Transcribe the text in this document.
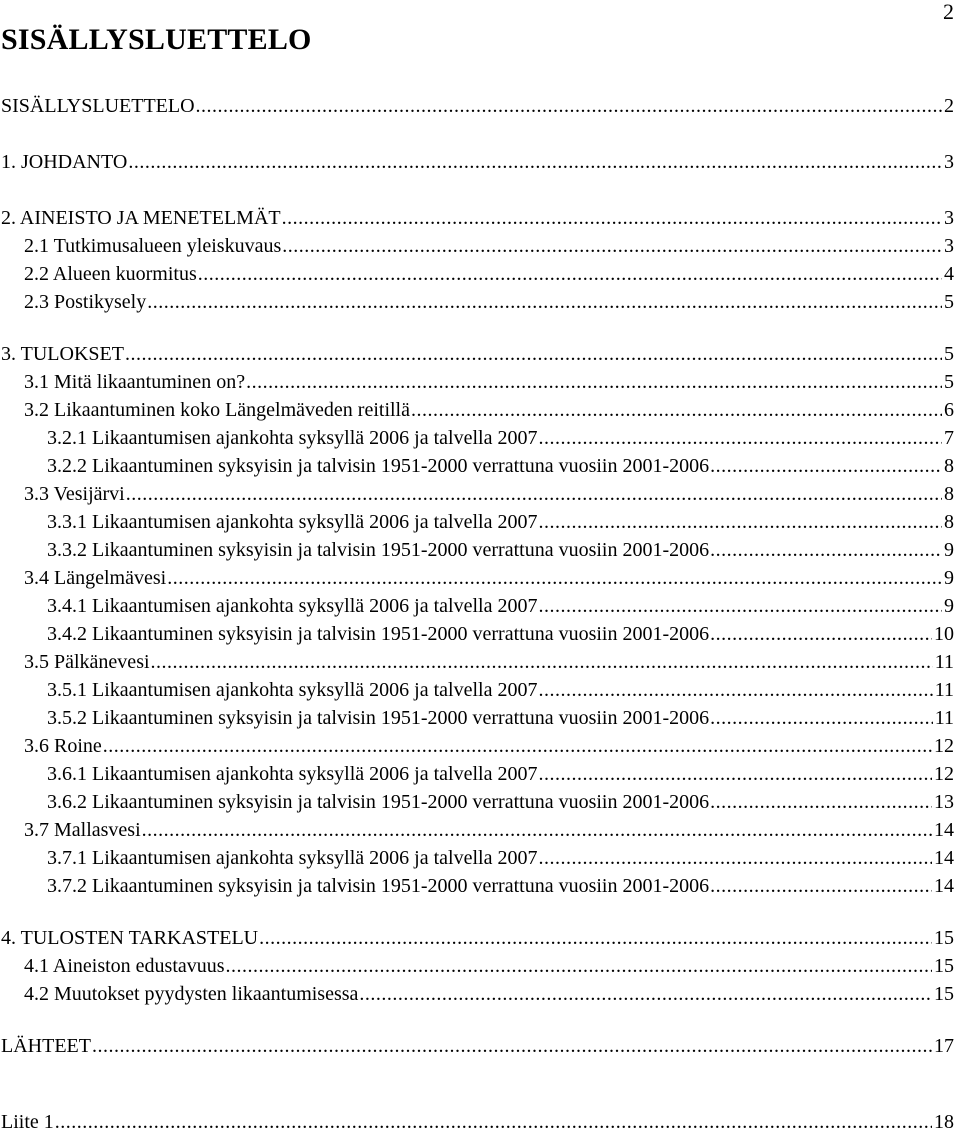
2
SISÄLLYSLUETTELO
SISÄLLYSLUETTELO .....	2
1. JOHDANTO .....	3
2. AINEISTO JA MENETELMÄT .....	3
2.1 Tutkimusalueen yleiskuvaus .....	3
2.2 Alueen kuormitus .....	4
2.3 Postikysely .....	5
3. TULOKSET .....	5
3.1 Mitä likaantuminen on? .....	5
3.2 Likaantuminen koko Längelmäveden reitillä .....	6
3.2.1 Likaantumisen ajankohta syksyllä 2006 ja talvella 2007 .....	7
3.2.2 Likaantuminen syksyisin ja talvisin 1951-2000 verrattuna vuosiin 2001-2006 .....	8
3.3 Vesijärvi .....	8
3.3.1 Likaantumisen ajankohta syksyllä 2006 ja talvella 2007 .....	8
3.3.2 Likaantuminen syksyisin ja talvisin 1951-2000 verrattuna vuosiin 2001-2006 .....	9
3.4 Längelmävesi .....	9
3.4.1 Likaantumisen ajankohta syksyllä 2006 ja talvella 2007 .....	9
3.4.2 Likaantuminen syksyisin ja talvisin 1951-2000 verrattuna vuosiin 2001-2006 .....	10
3.5 Pälkänevesi .....	11
3.5.1 Likaantumisen ajankohta syksyllä 2006 ja talvella 2007 .....	11
3.5.2 Likaantuminen syksyisin ja talvisin 1951-2000 verrattuna vuosiin 2001-2006 .....	11
3.6 Roine .....	12
3.6.1 Likaantumisen ajankohta syksyllä 2006 ja talvella 2007 .....	12
3.6.2 Likaantuminen syksyisin ja talvisin 1951-2000 verrattuna vuosiin 2001-2006 .....	13
3.7 Mallasvesi .....	14
3.7.1 Likaantumisen ajankohta syksyllä 2006 ja talvella 2007 .....	14
3.7.2 Likaantuminen syksyisin ja talvisin 1951-2000 verrattuna vuosiin 2001-2006 .....	14
4. TULOSTEN TARKASTELU .....	15
4.1 Aineiston edustavuus .....	15
4.2 Muutokset pyydysten likaantumisessa .....	15
LÄHTEET .....	17
Liite 1 .....	18
